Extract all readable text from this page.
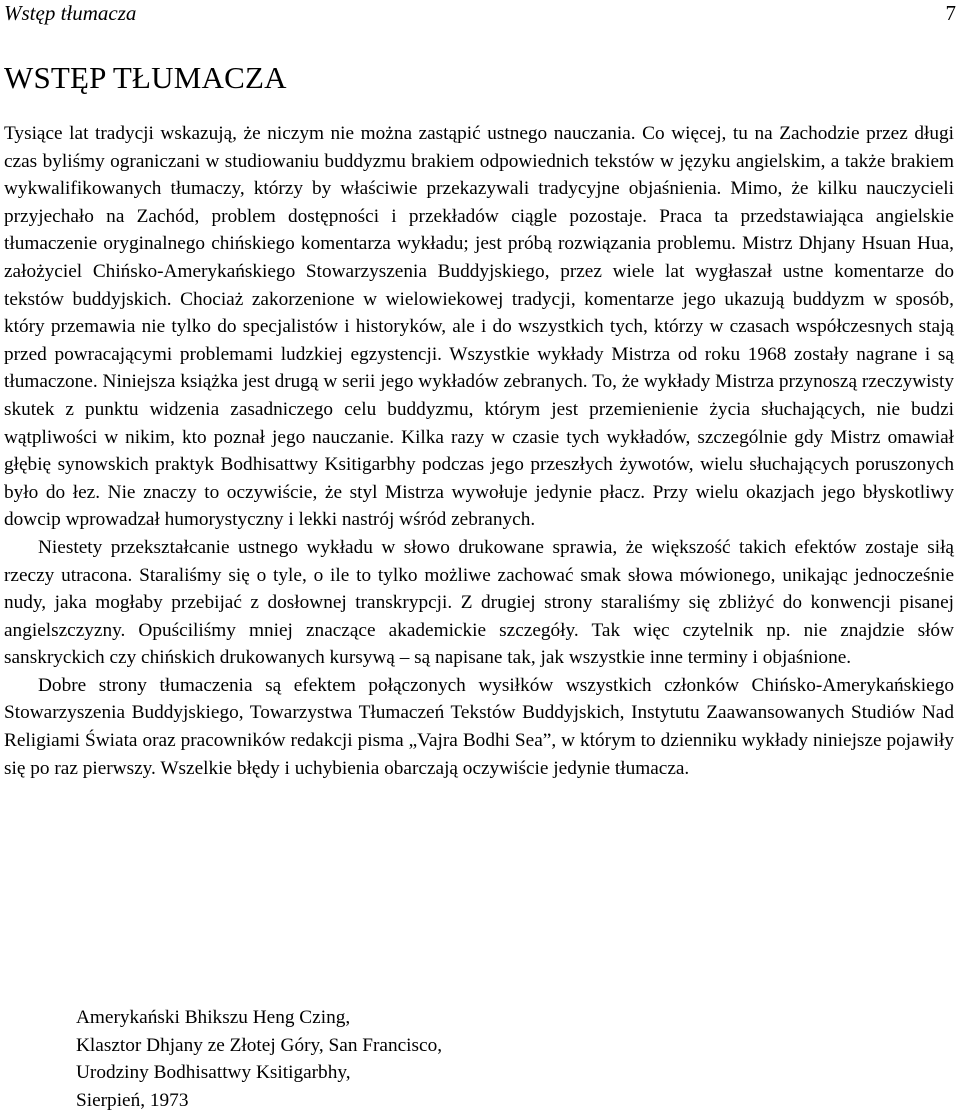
Wstęp tłumacza	7
WSTĘP TŁUMACZA

Tysiące lat tradycji wskazują, że niczym nie można zastąpić ustnego nauczania. Co więcej, tu na Zachodzie przez długi czas byliśmy ograniczani w studiowaniu buddyzmu brakiem odpowiednich tekstów w języku angielskim, a także brakiem wykwalifikowanych tłumaczy, którzy by właściwie przekazywali tradycyjne objaśnienia. Mimo, że kilku nauczycieli przyjechało na Zachód, problem dostępności i przekładów ciągle pozostaje. Praca ta przedstawiająca angielskie tłumaczenie oryginalnego chińskiego komentarza wykładu; jest próbą rozwiązania problemu. Mistrz Dhjany Hsuan Hua, założyciel Chińsko-Amerykańskiego Stowarzyszenia Buddyjskiego, przez wiele lat wygłaszał ustne komentarze do tekstów buddyjskich. Chociaż zakorzenione w wielowiekowej tradycji, komentarze jego ukazują buddyzm w sposób, który przemawia nie tylko do specjalistów i historyków, ale i do wszystkich tych, którzy w czasach współczesnych stają przed powracającymi problemami ludzkiej egzystencji. Wszystkie wykłady Mistrza od roku 1968 zostały nagrane i są tłumaczone. Niniejsza książka jest drugą w serii jego wykładów zebranych. To, że wykłady Mistrza przynoszą rzeczywisty skutek z punktu widzenia zasadniczego celu buddyzmu, którym jest przemienienie życia słuchających, nie budzi wątpliwości w nikim, kto poznał jego nauczanie. Kilka razy w czasie tych wykładów, szczególnie gdy Mistrz omawiał głębię synowskich praktyk Bodhisattwy Ksitigarbhy podczas jego przeszłych żywotów, wielu słuchających poruszonych było do łez. Nie znaczy to oczywiście, że styl Mistrza wywołuje jedynie płacz. Przy wielu okazjach jego błyskotliwy dowcip wprowadzał humorystyczny i lekki nastrój wśród zebranych.

Niestety przekształcanie ustnego wykładu w słowo drukowane sprawia, że większość takich efektów zostaje siłą rzeczy utracona. Staraliśmy się o tyle, o ile to tylko możliwe zachować smak słowa mówionego, unikając jednocześnie nudy, jaka mogłaby przebijać z dosłownej transkrypcji. Z drugiej strony staraliśmy się zbliżyć do konwencji pisanej angielszczyzny. Opuściliśmy mniej znaczące akademickie szczegóły. Tak więc czytelnik np. nie znajdzie słów sanskryckich czy chińskich drukowanych kursywą – są napisane tak, jak wszystkie inne terminy i objaśnione.

Dobre strony tłumaczenia są efektem połączonych wysiłków wszystkich członków Chińsko-Amerykańskiego Stowarzyszenia Buddyjskiego, Towarzystwa Tłumaczeń Tekstów Buddyjskich, Instytutu Zaawansowanych Studiów Nad Religiami Świata oraz pracowników redakcji pisma „Vajra Bodhi Sea”, w którym to dzienniku wykłady niniejsze pojawiły się po raz pierwszy. Wszelkie błędy i uchybienia obarczają oczywiście jedynie tłumacza.

Amerykański Bhikszu Heng Czing,
Klasztor Dhjany ze Złotej Góry, San Francisco,
Urodziny Bodhisattwy Ksitigarbhy,
Sierpień, 1973
